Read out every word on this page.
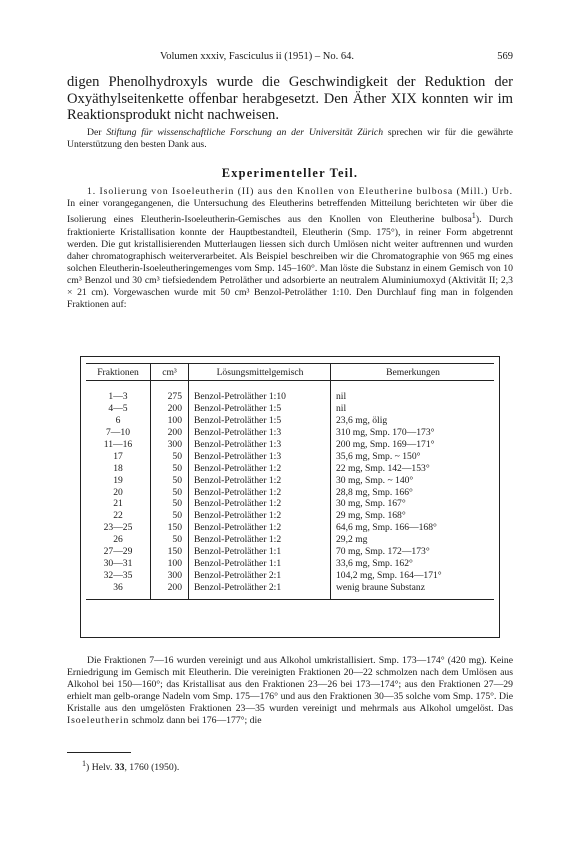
Volumen xxxiv, Fasciculus ii (1951) – No. 64.	569
digen Phenolhydroxyls wurde die Geschwindigkeit der Reduktion der Oxyäthylseitenkette offenbar herabgesetzt. Den Äther XIX konnten wir im Reaktionsprodukt nicht nachweisen.
Der Stiftung für wissenschaftliche Forschung an der Universität Zürich sprechen wir für die gewährte Unterstützung den besten Dank aus.
Experimenteller Teil.
1. Isolierung von Isoeleutherin (II) aus den Knollen von Eleutherine bulbosa (Mill.) Urb. In einer vorangegangenen, die Untersuchung des Eleutherins betreffenden Mitteilung berichteten wir über die Isolierung eines Eleutherin-Isoeleutherin-Gemisches aus den Knollen von Eleutherine bulbosa$^1$). Durch fraktionierte Kristallisation konnte der Hauptbestandteil, Eleutherin (Smp. 175°), in reiner Form abgetrennt werden. Die gut kristallisierenden Mutterlaugen liessen sich durch Umlösen nicht weiter auftrennen und wurden daher chromatographisch weiterverarbeitet. Als Beispiel beschreiben wir die Chromatographie von 965 mg eines solchen Eleutherin-Isoeleutheringemenges vom Smp. 145–160°. Man löste die Substanz in einem Gemisch von 10 cm³ Benzol und 30 cm³ tiefsiedendem Petroläther und adsorbierte an neutralem Aluminiumoxyd (Aktivität II; 2,3 × 21 cm). Vorgewaschen wurde mit 50 cm³ Benzol-Petroläther 1:10. Den Durchlauf fing man in folgenden Fraktionen auf:
Fraktionen	cm³	Lösungsmittelgemisch	Bemerkungen

1—3	275	Benzol-Petroläther 1:10	nil
4—5	200	Benzol-Petroläther 1:5	nil
6	100	Benzol-Petroläther 1:5	23,6 mg, ölig
7—10	200	Benzol-Petroläther 1:3	310 mg, Smp. 170—173°
11—16	300	Benzol-Petroläther 1:3	200 mg, Smp. 169—171°
17	50	Benzol-Petroläther 1:3	35,6 mg, Smp. ~ 150°
18	50	Benzol-Petroläther 1:2	22 mg, Smp. 142—153°
19	50	Benzol-Petroläther 1:2	30 mg, Smp. ~ 140°
20	50	Benzol-Petroläther 1:2	28,8 mg, Smp. 166°
21	50	Benzol-Petroläther 1:2	30 mg, Smp. 167°
22	50	Benzol-Petroläther 1:2	29 mg, Smp. 168°
23—25	150	Benzol-Petroläther 1:2	64,6 mg, Smp. 166—168°
26	50	Benzol-Petroläther 1:2	29,2 mg
27—29	150	Benzol-Petroläther 1:1	70 mg, Smp. 172—173°
30—31	100	Benzol-Petroläther 1:1	33,6 mg, Smp. 162°
32—35	300	Benzol-Petroläther 2:1	104,2 mg, Smp. 164—171°
36	200	Benzol-Petroläther 2:1	wenig braune Substanz

Die Fraktionen 7—16 wurden vereinigt und aus Alkohol umkristallisiert. Smp. 173—174° (420 mg). Keine Erniedrigung im Gemisch mit Eleutherin. Die vereinigten Fraktionen 20—22 schmolzen nach dem Umlösen aus Alkohol bei 150—160°; das Kristallisat aus den Fraktionen 23—26 bei 173—174°; aus den Fraktionen 27—29 erhielt man gelb-orange Nadeln vom Smp. 175—176° und aus den Fraktionen 30—35 solche vom Smp. 175°. Die Kristalle aus den umgelösten Fraktionen 23—35 wurden vereinigt und mehrmals aus Alkohol umgelöst. Das Isoeleutherin schmolz dann bei 176—177°; die
$^1$) Helv. 33, 1760 (1950).
